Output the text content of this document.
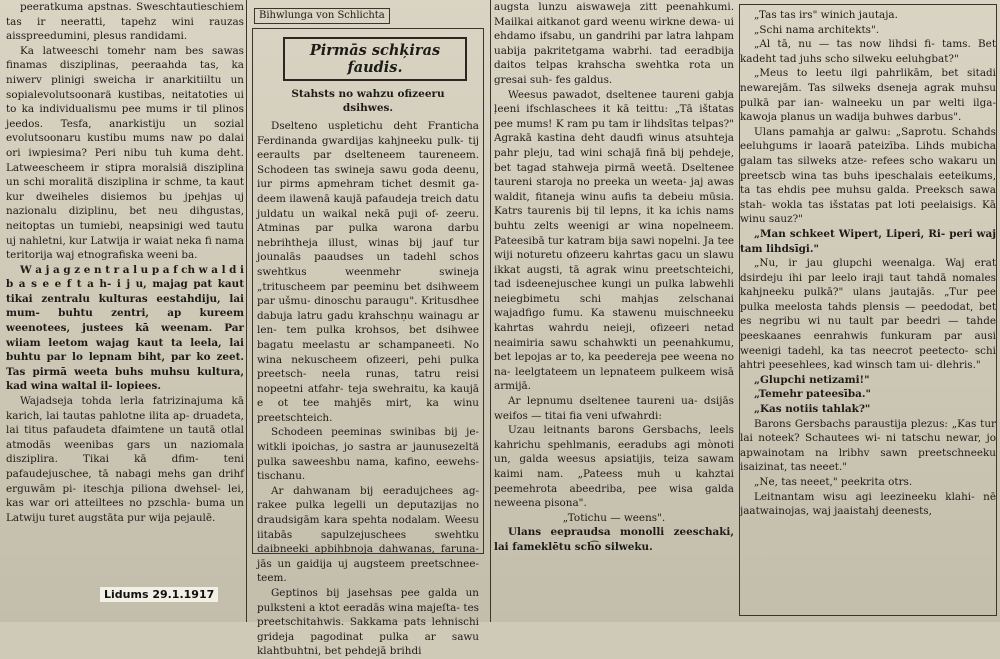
peeratkuma apstnas. Sweschtautieschiem tas ir neeratti, tapehz wini rauzas aisspreedumini, plesus randidami.

Ka latweeschi tomehr nam bes sawas finamas disziplinas, peeraahda tas, ka niwerv plinigi sweicha ir anarkitiiltu un sopialevolutsoonarä kustibas, neitatoties ui to ka individualismu pee mums ir til plinos jeedos. Tesfa, anarkistiju un sozial evolutsoonaru kustibu mums naw po dalai ori iwpiesima? Peri nibu tuh kuma deht. Latweescheem ir stipra moralsiä disziplina un schi moralitä disziplina ir schme, ta kaut kur dweiheles disiemos bu jpehjas uj nazionalu diziplinu, bet neu dihgustas, neitoptas un tumiebi, neapsinigi wed tautu uj nahletni, kur Latwija ir waiat neka fi nama teritorija waj etnografiska weeni ba.

W a j a g z e n t r a l u p a f ch w a l d i b a s e e f t a h- i j u, majag pat kaut tikai zentralu kulturas eestahdiju, lai mum- buhtu zentri, ap kureem weenotees, justees kā weenam. Par wiiam leetom wajag kaut ta leela, lai buhtu par lo lepnam biht, par ko zeet. Tas pirmā weeta buhs muhsu kultura, kad wina waltal il- lopiees.

Wajadseja tohda lerla fatrizinajuma kā karich, lai tautas pahlotne ilita ap- druadeta, lai titus pafaudeta dfaimtene un tautā otlal atmodās weenibas gars un naziomala disziplira. Tikai kā dfim- teni pafaudejuschee, tā nabagi mehs gan drihf erguwām pi- iteschja piliona dwehsel- lei, kas war ori atteiltees no pzschla- buma un Latwiju turet augstāta pur wija pejaulē.

Bihwlunga von Schlichta
Pirmās schķiras faudis.
Stahsts no wahzu ofizeeru dsihwes.

Dselteno uspletichu deht Franticha Ferdinanda gwardijas kahjneeku pulk- tij eeraults par dselteneem taureneem. Schodeen tas swineja sawu goda deenu, iur pirms apmehram tichet desmit ga- deem ilawenā kaujā pafaudeja treich datu juldatu un waikal nekā puji of- zeeru. Atminas par pulka warona darbu nebrihtheja illust, winas bij jauf tur jounalās paaudses un tadehl schos swehtkus weenmehr swineja „trituscheem par peeminu bet dsihweem par ušmu- dinoschu paraugu". Kritusdhee dabuja latru gadu krahschņu wainagu ar len- tem pulka krohsos, bet dsihwee bagatu meelastu ar schampaneeti. No wina nekuscheem ofizeeri, pehi pulka preetsch- neela runas, tatru reisi nopeetni atfahr- teja swehraitu, ka kaujā e ot tee mahjēs mirt, ka winu preetschteich.

Schodeen peeminas swinibas bij je- witkli ipoichas, jo sastra ar jaunusezeltä pulka saweeshbu nama, kafino, eewehs- tischanu.

Ar dahwanam bij eeradujchees ag- rakee pulka legelli un deputazijas no draudsigām kara spehta nodalam. Weesu iitabās sapulzejuschees swehtku daibneeki apbihbnoja dahwanas, faruna- jās un gaidija uj augsteem preetschnee- teem.

Geptinos bij jasehsas pee galda un pulksteni a ktot eeradās wina majeſta- tes preetschitahwis. Sakkama pats lehnischi grideja pagodinat pulka ar sawu klahtbuhtni, bet pehdejā brihdi

augsta lunzu aiswaweja zitt peenahkumi. Mailkai aitkanot gard weenu wirkne dewa- ui ehdamo ifsabu, un gandrihi par latra lahpam uabija pakritetgama wabrhi. tad eeradbija daitos telpas krahscha swehtka rota un gresai suh- fes galdus.

Weesus pawadot, dseltenee taureni gabja ļeeni ifschlaschees it kā teittu: „Tā ištatas pee mums! K ram pu tam ir lihdsītas telpas?" Agrakā kastina deht daudfi winus atsuhteja pahr pleju, tad wini schajā finā bij pehdeje, bet tagad stahweja pirmā weetā. Dseltenee taureni staroja no preeka un weeta- jaj awas waldit, fitaneja winu aufis ta debeiu mūsia. Katrs taurenis bij til lepns, it ka ichis nams buhtu zelts weenigi ar wina nopelneem. Pateesibā tur katram bija sawi nopelni. Ja tee wiji noturetu ofizeeru kahrtas gacu un slawu ikkat augsti, tā agrak winu preetschteichi, tad isdeenejuschee kungi un pulka labwehli neiegbimetu schi mahjas zelschanai wajadfigo fumu. Ka stawenu muischneeku kahrtas wahrdu neieji, ofizeeri netad neaimiria sawu schahwkti un peenahkumu, bet lepojas ar to, ka peedereja pee weena no na- leelgtateem un lepnateem pulkeem wisā armijā.

Ar lepnumu dseltenee taureni ua- dsijās weifos — titai fia veni ufwahrdi:

Uzau leitnants barons Gersbachs, leels kahrichu spehlmanis, eeradubs agi mònoti un, galda weesus apsiatijis, teiza sawam kaimi nam. „Pateess muh u kahztai peemehrota abeedriba, pee wisa galda neweena pisona".

„Totichu — weens".

Ulans eepraudsa monolli zeeschaki, lai fameklētu sch͡o silweku.

„Tas tas irs" winich jautaja.

„Schi nama architekts".

„Al tā, nu — tas now lihdsi fi- tams. Bet kadeht tad juhs scho silweku eeluhgbat?"

„Meus to leetu ilgi pahrlikām, bet sitadi newarejām. Tas silweks dseneja agrak muhsu pulkā par ian- walneeku un par welti ilga- kawoja planus un wadija buhwes darbus".

Ulans pamahja ar galwu: „Saprotu. Schahds eeluhgums ir laoarā pateizība. Lihds mubicha galam tas silweks atze- refees scho wakaru un preetscb wina tas buhs ipeschalais eeteikums, ta tas ehdis pee muhsu galda. Preeksch sawa stah- wokla tas išstatas pat loti peelaisigs. Kā winu sauz?"

„Man schkeet Wipert, Liperi, Ri- peri waj tam lihdsīgi."

„Nu, ir jau glupchi weenalga. Waj erat dsirdeju ihi par leelo iraji taut tahdā nomales kahjneeku pulkā?" ulans jautajās. „Tur pee pulka meelosta tahds plensis — peedodat, bet es negribu wi nu tault par beedri — tahde peeskaanes eenrahwis funkuram par ausi weenigi tadehl, ka tas neecrot peetecto- schi ahtri peesehlees, kad winsch tam ui- dlehris."

„Glupchi netizami!"

„Temehr pateesība."

„Kas notiis tahlak?"

Barons Gersbachs paraustija plezus: „Kas tur lai noteek? Schautees wi- ni tatschu newar, jo apwainotam na lribhv sawn preetschneeku isaizinat, tas neeet."

„Ne, tas neeet," peekrita otrs.

Leitnantam wisu agi leezineeku klahi- nē jaatwainojas, waj jaaistahj deenests,

Lidums 29.1.1917
